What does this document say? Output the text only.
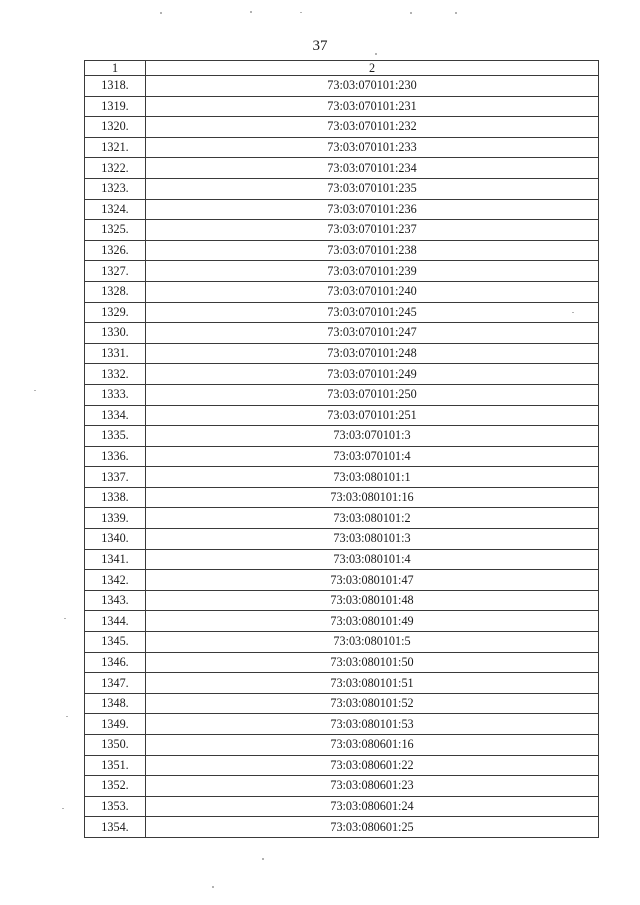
37
1	2
1318.	73:03:070101:230
1319.	73:03:070101:231
1320.	73:03:070101:232
1321.	73:03:070101:233
1322.	73:03:070101:234
1323.	73:03:070101:235
1324.	73:03:070101:236
1325.	73:03:070101:237
1326.	73:03:070101:238
1327.	73:03:070101:239
1328.	73:03:070101:240
1329.	73:03:070101:245
1330.	73:03:070101:247
1331.	73:03:070101:248
1332.	73:03:070101:249
1333.	73:03:070101:250
1334.	73:03:070101:251
1335.	73:03:070101:3
1336.	73:03:070101:4
1337.	73:03:080101:1
1338.	73:03:080101:16
1339.	73:03:080101:2
1340.	73:03:080101:3
1341.	73:03:080101:4
1342.	73:03:080101:47
1343.	73:03:080101:48
1344.	73:03:080101:49
1345.	73:03:080101:5
1346.	73:03:080101:50
1347.	73:03:080101:51
1348.	73:03:080101:52
1349.	73:03:080101:53
1350.	73:03:080601:16
1351.	73:03:080601:22
1352.	73:03:080601:23
1353.	73:03:080601:24
1354.	73:03:080601:25
